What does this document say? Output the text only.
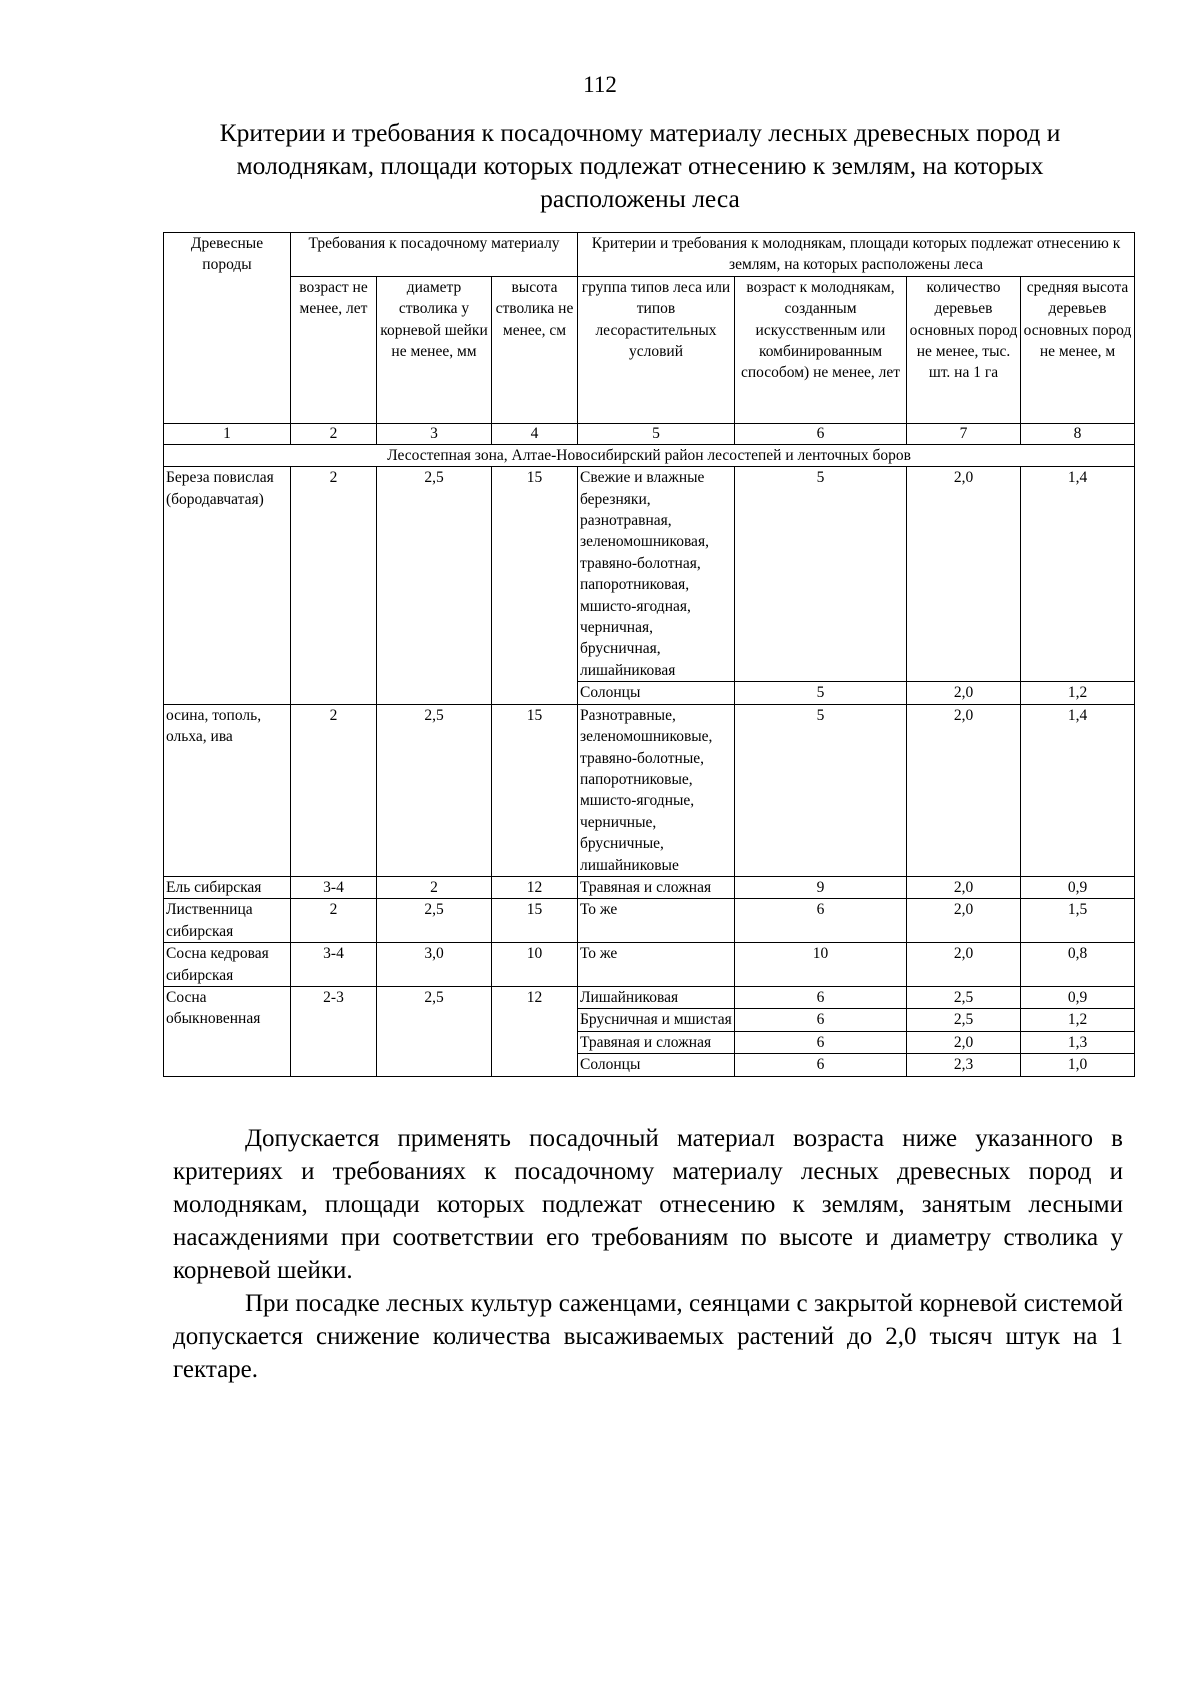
112
Критерии и требования к посадочному материалу лесных древесных пород и молоднякам, площади которых подлежат отнесению к землям, на которых расположены леса
Древесные породы	Требования к посадочному материалу			Критерии и требования к молоднякам, площади которых подлежат отнесению к землям, на которых расположены леса			
	возраст не менее, лет	диаметр стволика у корневой шейки не менее, мм	высота стволика не менее, см	группа типов леса или типов лесорастительных условий	возраст к молоднякам, созданным искусственным или комбинированным способом) не менее, лет	количество деревьев основных пород не менее, тыс. шт. на 1 га	средняя высота деревьев основных пород не менее, м
1	2	3	4	5	6	7	8
Лесостепная зона, Алтае-Новосибирский район лесостепей и ленточных боров							
Береза повислая (бородавчатая)	2	2,5	15	Свежие и влажные березняки, разнотравная, зеленомошниковая, травяно-болотная, папоротниковая, мшисто-ягодная, черничная, брусничная, лишайниковая	5	2,0	1,4
				Солонцы	5	2,0	1,2
осина, тополь, ольха, ива	2	2,5	15	Разнотравные, зеленомошниковые, травяно-болотные, папоротниковые, мшисто-ягодные, черничные, брусничные, лишайниковые	5	2,0	1,4
Ель сибирская	3-4	2	12	Травяная и сложная	9	2,0	0,9
Лиственница сибирская	2	2,5	15	То же	6	2,0	1,5
Сосна кедровая сибирская	3-4	3,0	10	То же	10	2,0	0,8
Сосна обыкновенная	2-3	2,5	12	Лишайниковая	6	2,5	0,9
				Брусничная и мшистая	6	2,5	1,2
				Травяная и сложная	6	2,0	1,3
				Солонцы	6	2,3	1,0

Допускается применять посадочный материал возраста ниже указанного в критериях и требованиях к посадочному материалу лесных древесных пород и молоднякам, площади которых подлежат отнесению к землям, занятым лесными насаждениями при соответствии его требованиям по высоте и диаметру стволика у корневой шейки.

При посадке лесных культур саженцами, сеянцами с закрытой корневой системой допускается снижение количества высаживаемых растений до 2,0 тысяч штук на 1 гектаре.
